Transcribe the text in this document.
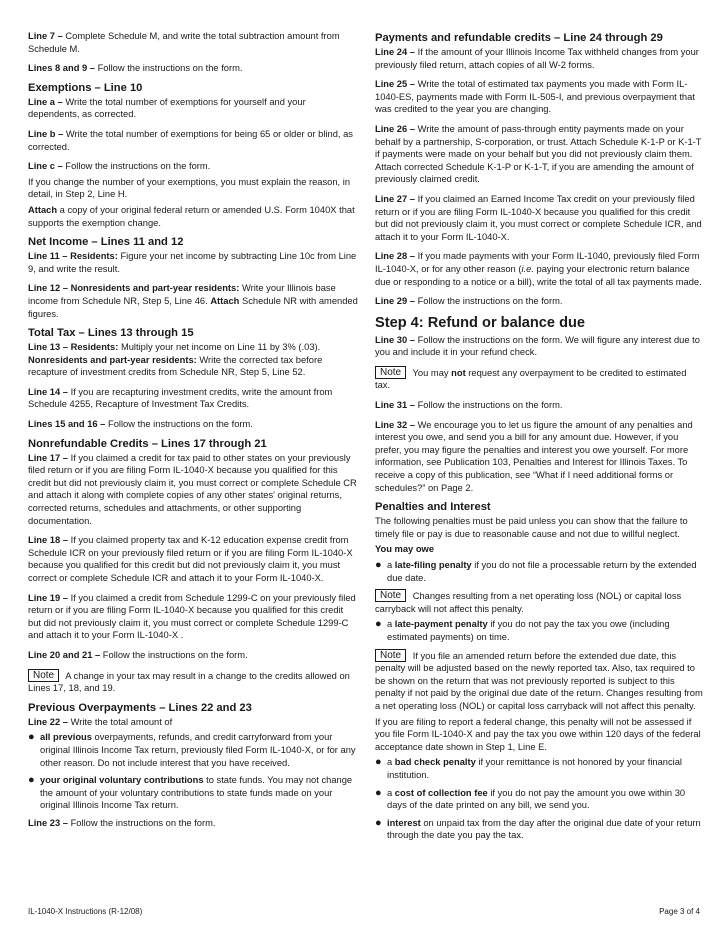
Line 7 – Complete Schedule M, and write the total subtraction amount from Schedule M.

Lines 8 and 9 – Follow the instructions on the form.

Exemptions – Line 10

Line a – Write the total number of exemptions for yourself and your dependents, as corrected.

Line b – Write the total number of exemptions for being 65 or older or blind, as corrected.

Line c – Follow the instructions on the form.

If you change the number of your exemptions, you must explain the reason, in detail, in Step 2, Line H.

Attach a copy of your original federal return or amended U.S. Form 1040X that supports the exemption change.

Net Income – Lines 11 and 12

Line 11 – Residents: Figure your net income by subtracting Line 10c from Line 9, and write the result.

Line 12 – Nonresidents and part-year residents: Write your Illinois base income from Schedule NR, Step 5, Line 46. Attach Schedule NR with amended figures.

Total Tax – Lines 13 through 15

Line 13 – Residents: Multiply your net income on Line 11 by 3% (.03). Nonresidents and part-year residents: Write the corrected tax before recapture of investment credits from Schedule NR, Step 5, Line 52.

Line 14 – If you are recapturing investment credits, write the amount from Schedule 4255, Recapture of Investment Tax Credits.

Lines 15 and 16 – Follow the instructions on the form.

Nonrefundable Credits – Lines 17 through 21

Line 17 – If you claimed a credit for tax paid to other states on your previously filed return or if you are filing Form IL-1040-X because you qualified for this credit but did not previously claim it, you must correct or complete Schedule CR and attach it along with complete copies of any other states' original returns, corrected returns, schedules and attachments, or other supporting documentation.

Line 18 – If you claimed property tax and K-12 education expense credit from Schedule ICR on your previously filed return or if you are filing Form IL-1040-X because you qualified for this credit but did not previously claim it, you must correct or complete Schedule ICR and attach it to your Form IL-1040-X.

Line 19 – If you claimed a credit from Schedule 1299-C on your previously filed return or if you are filing Form IL-1040-X because you qualified for this credit but did not previously claim it, you must correct or complete Schedule 1299-C and attach it to your Form IL-1040-X .

Line 20 and 21 – Follow the instructions on the form.

Note A change in your tax may result in a change to the credits allowed on Lines 17, 18, and 19.

Previous Overpayments – Lines 22 and 23

Line 22 – Write the total amount of

● all previous overpayments, refunds, and credit carryforward from your original Illinois Income Tax return, previously filed Form IL-1040-X, or for any other reason. Do not include interest that you have received.
● your original voluntary contributions to state funds. You may not change the amount of your voluntary contributions to state funds made on your original Illinois Income Tax return.

Line 23 – Follow the instructions on the form.

Payments and refundable credits – Line 24 through 29

Line 24 – If the amount of your Illinois Income Tax withheld changes from your previously filed return, attach copies of all W-2 forms.

Line 25 – Write the total of estimated tax payments you made with Form IL-1040-ES, payments made with Form IL-505-I, and previous overpayment that was credited to the year you are changing.

Line 26 – Write the amount of pass-through entity payments made on your behalf by a partnership, S-corporation, or trust. Attach Schedule K-1-P or K-1-T if payments were made on your behalf but you did not previously claim them. Attach corrected Schedule K-1-P or K-1-T, if you are amending the amount of previously claimed credit.

Line 27 – If you claimed an Earned Income Tax credit on your previously filed return or if you are filing Form IL-1040-X because you qualified for this credit but did not previously claim it, you must correct or complete Schedule ICR, and attach it to your Form IL-1040-X.

Line 28 – If you made payments with your Form IL-1040, previously filed Form IL-1040-X, or for any other reason (i.e. paying your electronic return balance due or responding to a notice or a bill), write the total of all tax payments made.

Line 29 – Follow the instructions on the form.

Step 4: Refund or balance due

Line 30 – Follow the instructions on the form. We will figure any interest due to you and include it in your refund check.

Note You may not request any overpayment to be credited to estimated tax.

Line 31 – Follow the instructions on the form.

Line 32 – We encourage you to let us figure the amount of any penalties and interest you owe, and send you a bill for any amount due. However, if you prefer, you may figure the penalties and interest you owe yourself. For more information, see Publication 103, Penalties and Interest for Illinois Taxes. To receive a copy of this publication, see “What if I need additional forms or schedules?” on Page 2.

Penalties and Interest

The following penalties must be paid unless you can show that the failure to timely file or pay is due to reasonable cause and not due to willful neglect.

You may owe

● a late-filing penalty if you do not file a processable return by the extended due date.

Note Changes resulting from a net operating loss (NOL) or capital loss carryback will not affect this penalty.

● a late-payment penalty if you do not pay the tax you owe (including estimated payments) on time.

Note If you file an amended return before the extended due date, this penalty will be adjusted based on the newly reported tax. Also, tax required to be shown on the return that was not previously reported is subject to this penalty if not paid by the original due date of the return. Changes resulting from a net operating loss (NOL) or capital loss carryback will not affect this penalty.

If you are filing to report a federal change, this penalty will not be assessed if you file Form IL-1040-X and pay the tax you owe within 120 days of the federal acceptance date shown in Step 1, Line E.

● a bad check penalty if your remittance is not honored by your financial institution.
● a cost of collection fee if you do not pay the amount you owe within 30 days of the date printed on any bill, we send you.
● interest on unpaid tax from the day after the original due date of your return through the date you pay the tax.
IL-1040-X Instructions (R-12/08)	Page 3 of 4
